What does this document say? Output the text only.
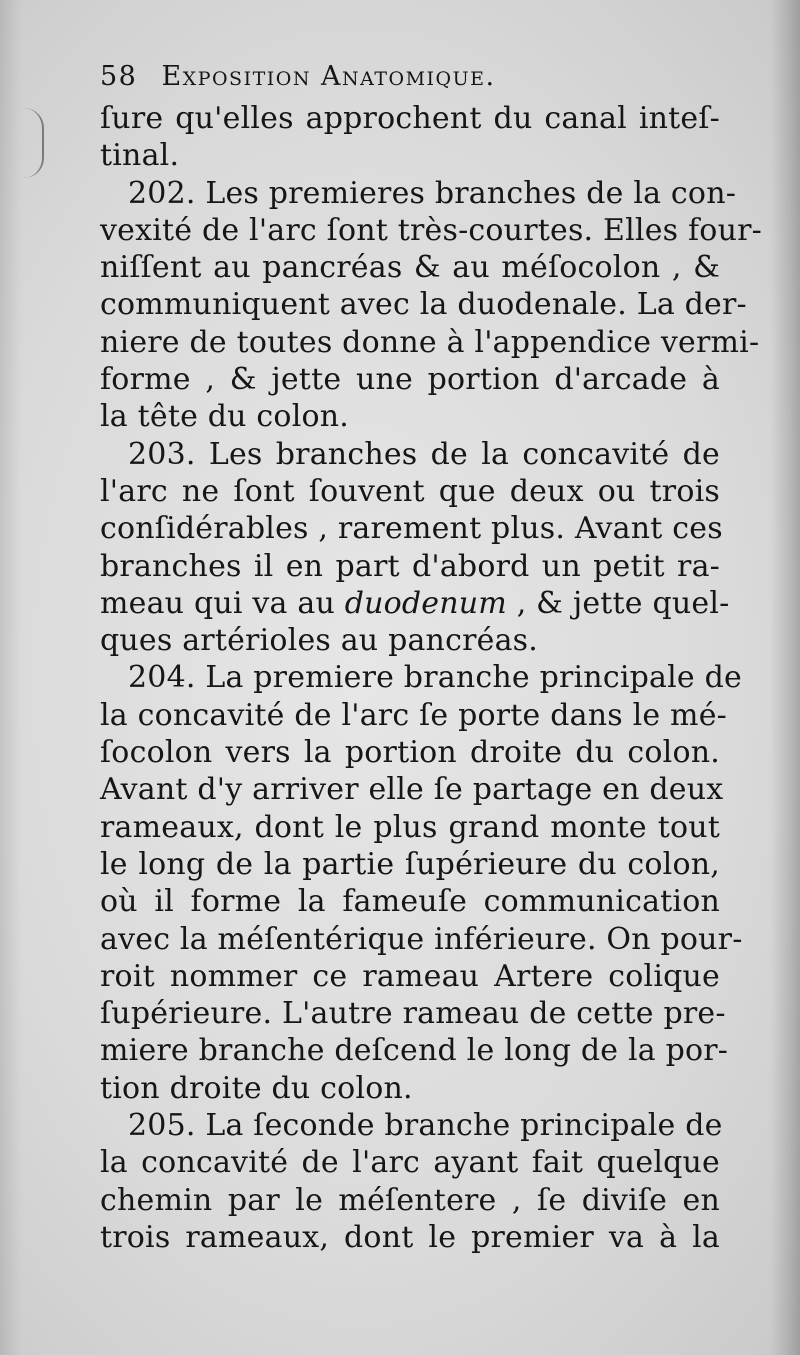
58 Exposition Anatomique.
ſure qu'elles approchent du canal inteſ-
tinal.
202. Les premieres branches de la con-
vexité de l'arc ſont très-courtes. Elles four-
niſſent au pancréas & au méſocolon , &
communiquent avec la duodenale. La der-
niere de toutes donne à l'appendice vermi-
forme , & jette une portion d'arcade à
la tête du colon.
203. Les branches de la concavité de
l'arc ne ſont ſouvent que deux ou trois
conſidérables , rarement plus. Avant ces
branches il en part d'abord un petit ra-
meau qui va au duodenum , & jette quel-
ques artérioles au pancréas.
204. La premiere branche principale de
la concavité de l'arc ſe porte dans le mé-
ſocolon vers la portion droite du colon.
Avant d'y arriver elle ſe partage en deux
rameaux, dont le plus grand monte tout
le long de la partie ſupérieure du colon,
où il forme la fameuſe communication
avec la méſentérique inférieure. On pour-
roit nommer ce rameau Artere colique
ſupérieure. L'autre rameau de cette pre-
miere branche deſcend le long de la por-
tion droite du colon.
205. La ſeconde branche principale de
la concavité de l'arc ayant fait quelque
chemin par le méſentere , ſe diviſe en
trois rameaux, dont le premier va à la
